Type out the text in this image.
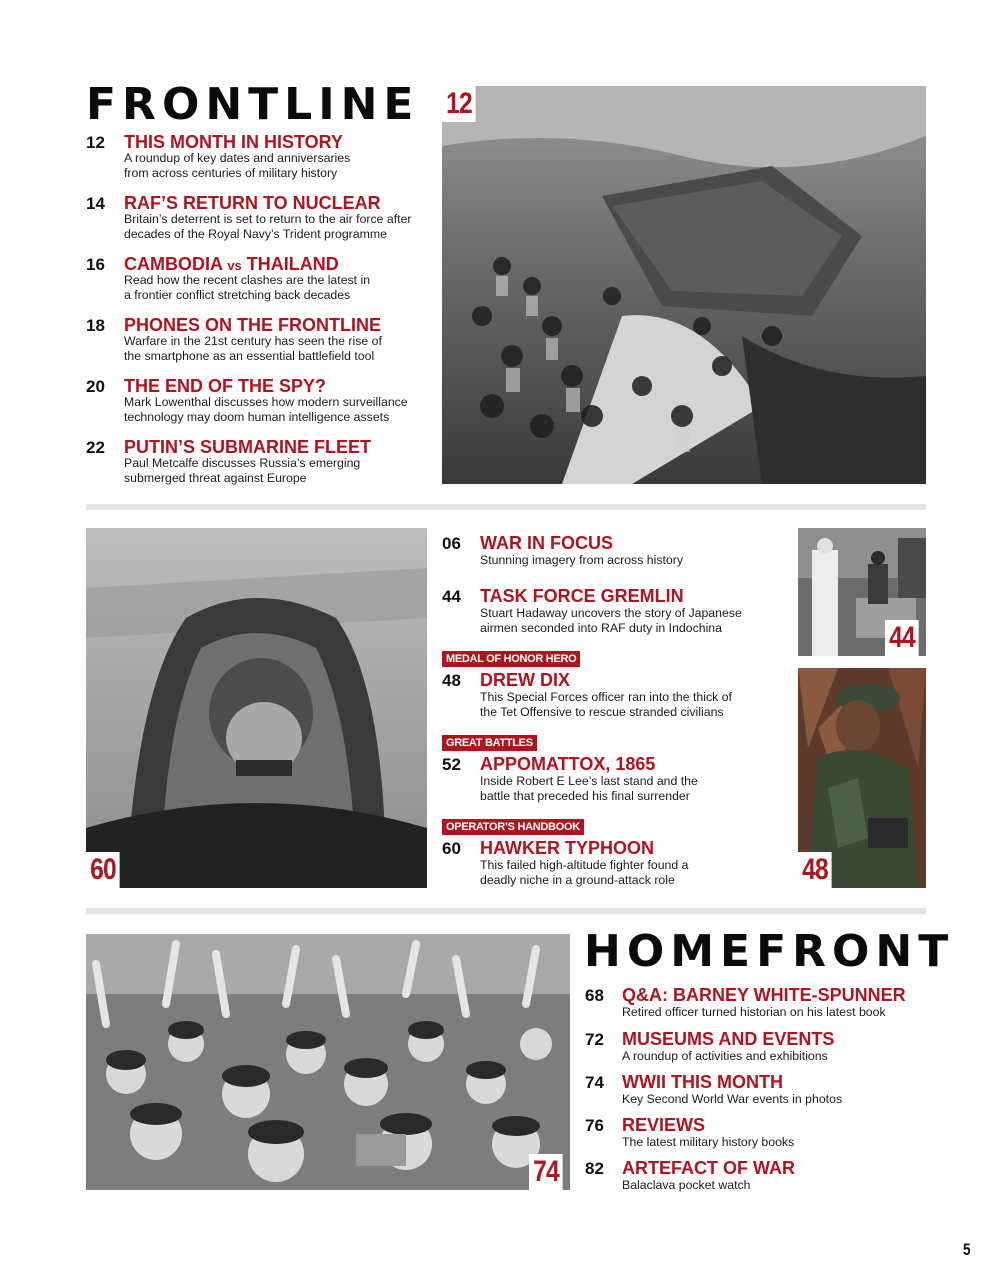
FRONTLINE
12 THIS MONTH IN HISTORY
A roundup of key dates and anniversaries
from across centuries of military history
14 RAF’S RETURN TO NUCLEAR
Britain’s deterrent is set to return to the air force after
decades of the Royal Navy’s Trident programme
16 CAMBODIA vs THAILAND
Read how the recent clashes are the latest in
a frontier conflict stretching back decades
18 PHONES ON THE FRONTLINE
Warfare in the 21st century has seen the rise of
the smartphone as an essential battlefield tool
20 THE END OF THE SPY?
Mark Lowenthal discusses how modern surveillance
technology may doom human intelligence assets
22 PUTIN’S SUBMARINE FLEET
Paul Metcalfe discusses Russia’s emerging
submerged threat against Europe
12
60
06 WAR IN FOCUS
Stunning imagery from across history
44 TASK FORCE GREMLIN
Stuart Hadaway uncovers the story of Japanese
airmen seconded into RAF duty in Indochina
MEDAL OF HONOR HERO
48 DREW DIX
This Special Forces officer ran into the thick of
the Tet Offensive to rescue stranded civilians
GREAT BATTLES
52 APPOMATTOX, 1865
Inside Robert E Lee’s last stand and the
battle that preceded his final surrender
OPERATOR’S HANDBOOK
60 HAWKER TYPHOON
This failed high-altitude fighter found a
deadly niche in a ground-attack role
44
48
74
HOMEFRONT
68 Q&A: BARNEY WHITE-SPUNNER
Retired officer turned historian on his latest book
72 MUSEUMS AND EVENTS
A roundup of activities and exhibitions
74 WWII THIS MONTH
Key Second World War events in photos
76 REVIEWS
The latest military history books
82 ARTEFACT OF WAR
Balaclava pocket watch
5
